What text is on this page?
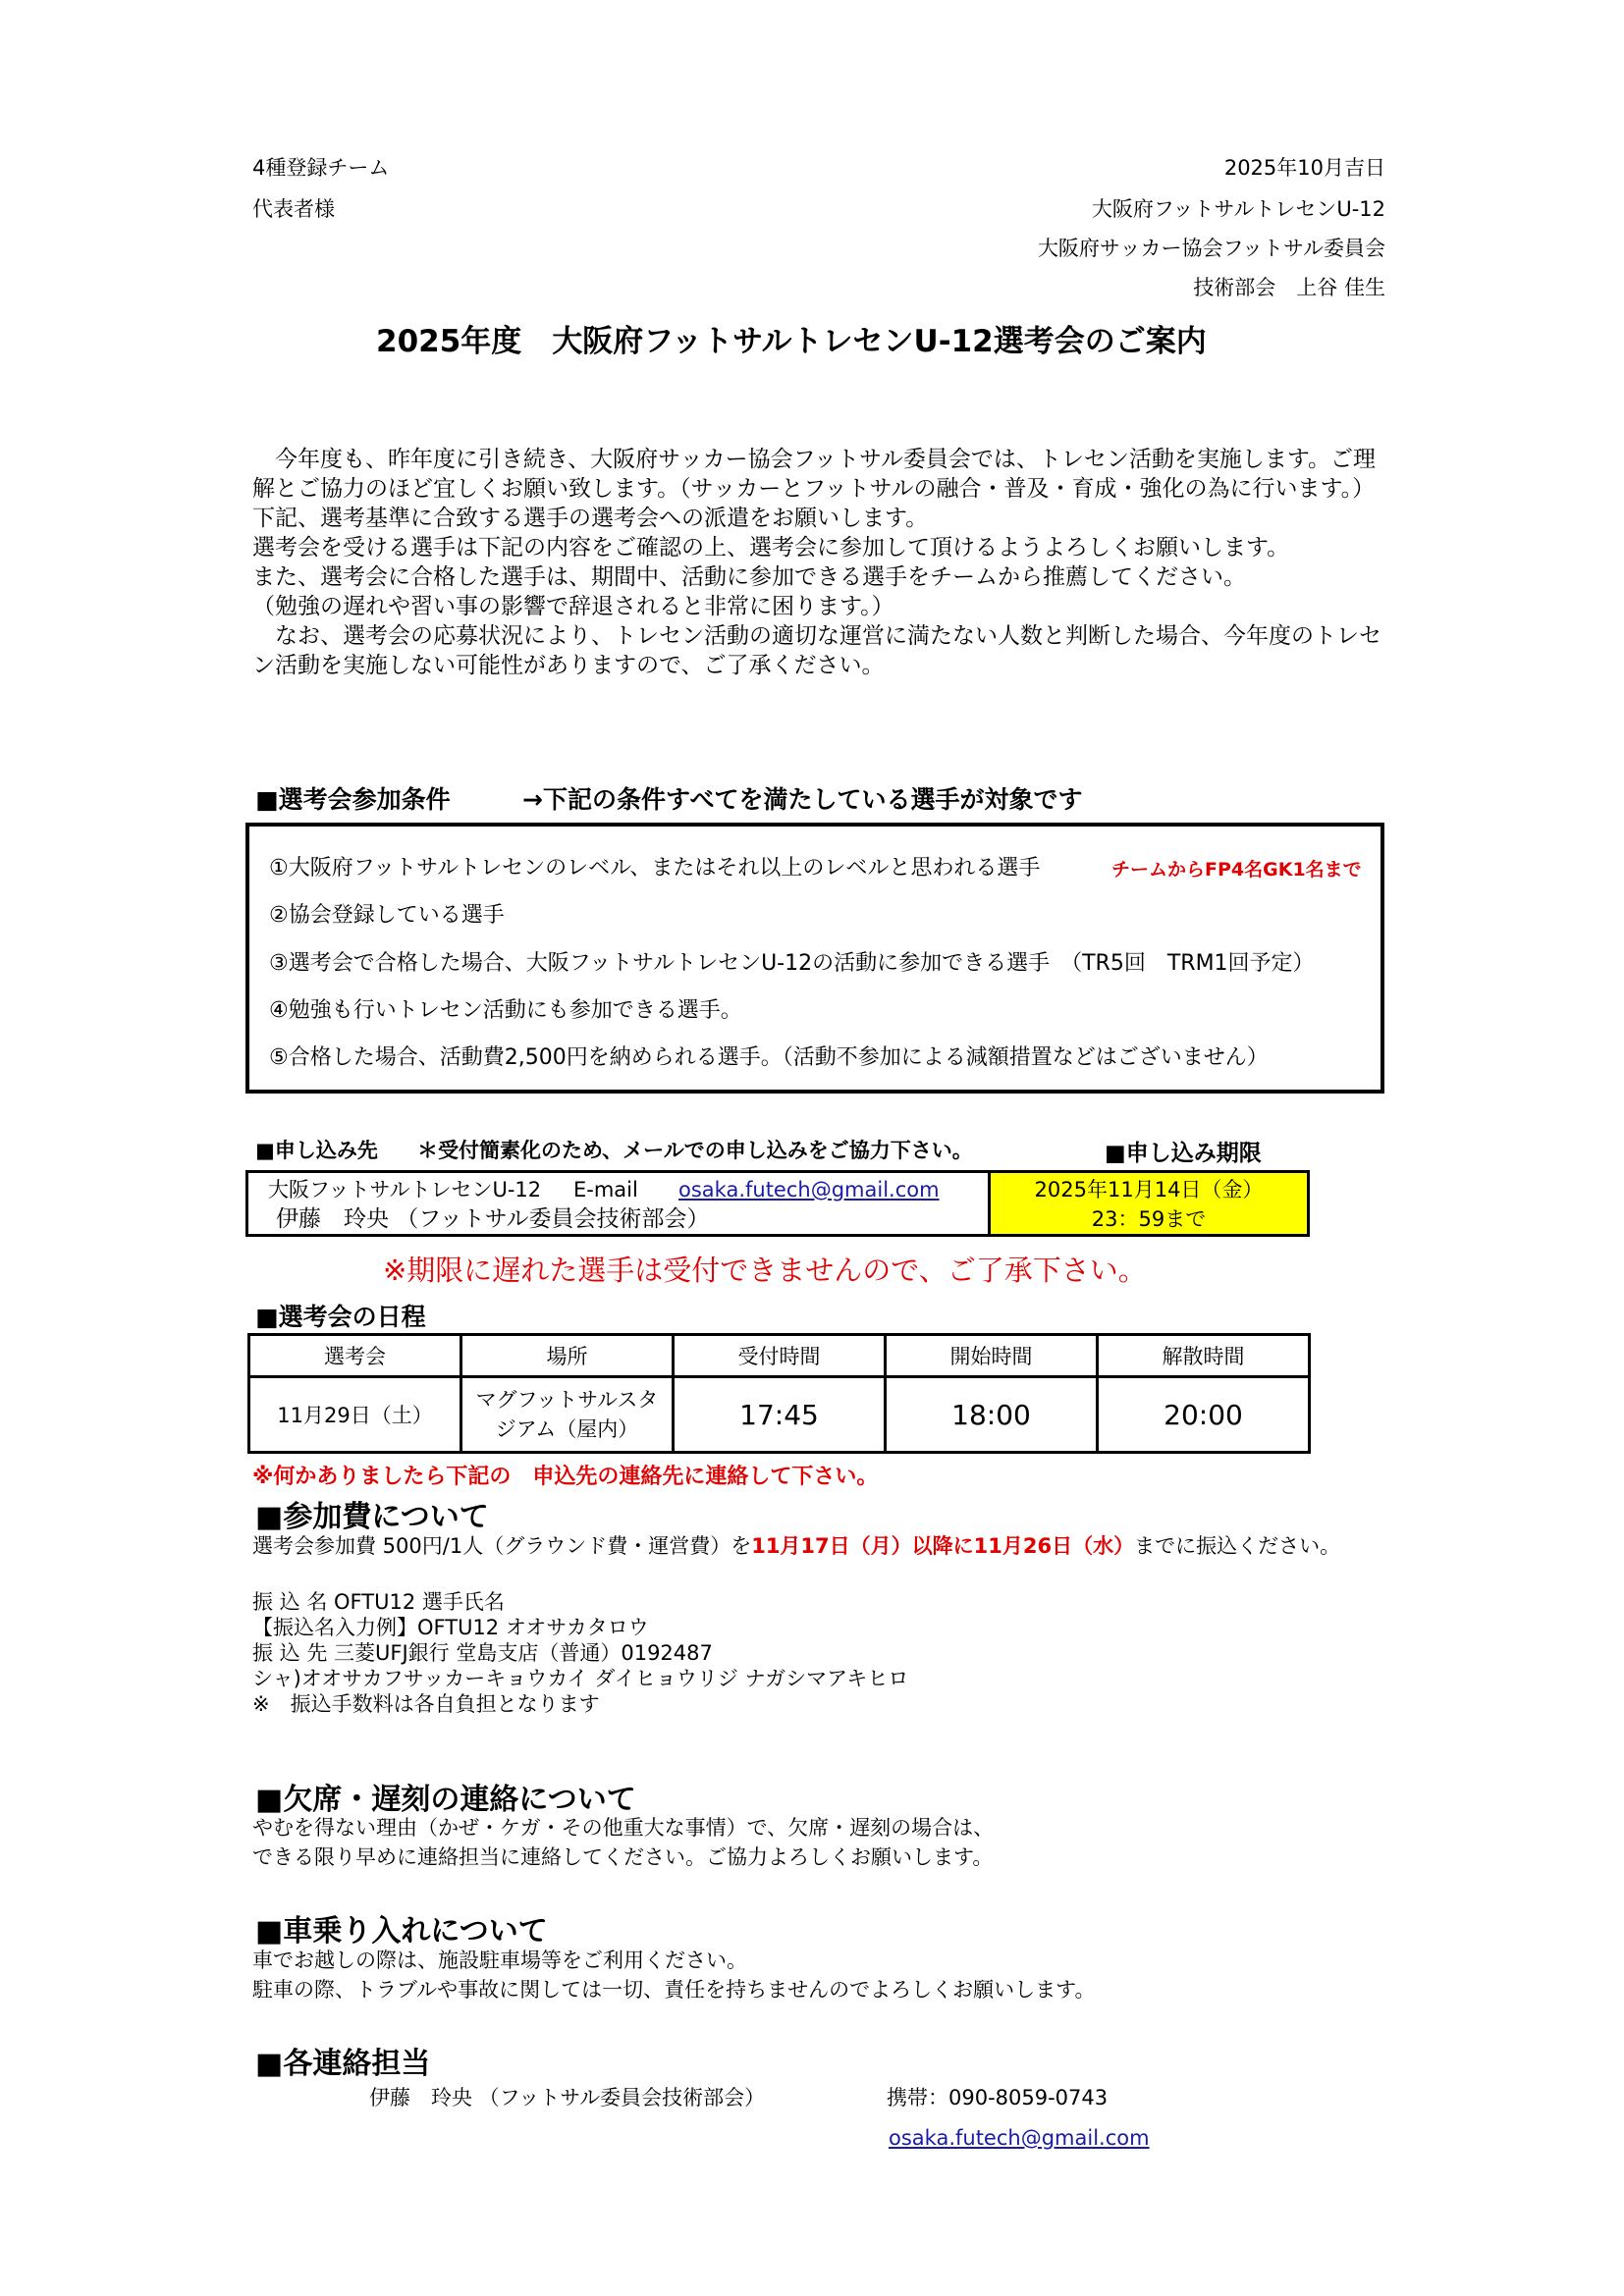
4種登録チーム
代表者様
2025年10月吉日
大阪府フットサルトレセンU-12
大阪府サッカー協会フットサル委員会
技術部会　上谷 佳生
2025年度　大阪府フットサルトレセンU-12選考会のご案内

　今年度も、昨年度に引き続き、大阪府サッカー協会フットサル委員会では、トレセン活動を実施します。ご理解とご協力のほど宜しくお願い致します。（サッカーとフットサルの融合・普及・育成・強化の為に行います。）下記、選考基準に合致する選手の選考会への派遣をお願いします。

選考会を受ける選手は下記の内容をご確認の上、選考会に参加して頂けるようよろしくお願いします。

また、選考会に合格した選手は、期間中、活動に参加できる選手をチームから推薦してください。

（勉強の遅れや習い事の影響で辞退されると非常に困ります。）

　なお、選考会の応募状況により、トレセン活動の適切な運営に満たない人数と判断した場合、今年度のトレセン活動を実施しない可能性がありますので、ご了承ください。

■選考会参加条件	→下記の条件すべてを満たしている選手が対象です
①大阪府フットサルトレセンのレベル、またはそれ以上のレベルと思われる選手	チームからFP4名GK1名まで
②協会登録している選手
③選考会で合格した場合、大阪フットサルトレセンU-12の活動に参加できる選手　（TR5回　TRM1回予定）
④勉強も行いトレセン活動にも参加できる選手。
⑤合格した場合、活動費2,500円を納められる選手。（活動不参加による減額措置などはございません）
■申し込み先 ＊受付簡素化のため、メールでの申し込みをご協力下さい。	■申し込み期限
大阪フットサルトレセンU-12 E-mail osaka.futech@gmail.com
伊藤　玲央 （フットサル委員会技術部会）
2025年11月14日（金）
23：59まで
※期限に遅れた選手は受付できませんので、ご了承下さい。
■選考会の日程
選考会	場所	受付時間	開始時間	解散時間
11月29日（土）	マグフットサルスタジアム（屋内）	17:45	18:00	20:00
※何かありましたら下記の　申込先の連絡先に連絡して下さい。
■参加費について
選考会参加費 500円/1人（グラウンド費・運営費）を11月17日（月）以降に11月26日（水）までに振込ください。
振 込 名 OFTU12 選手氏名
【振込名入力例】OFTU12 オオサカタロウ
振 込 先 三菱UFJ銀行 堂島支店（普通）0192487
シャ)オオサカフサッカーキョウカイ ダイヒョウリジ ナガシマアキヒロ
※　振込手数料は各自負担となります
■欠席・遅刻の連絡について
やむを得ない理由（かぜ・ケガ・その他重大な事情）で、欠席・遅刻の場合は、
できる限り早めに連絡担当に連絡してください。ご協力よろしくお願いします。
■車乗り入れについて
車でお越しの際は、施設駐車場等をご利用ください。
駐車の際、トラブルや事故に関しては一切、責任を持ちませんのでよろしくお願いします。
■各連絡担当
伊藤　玲央 （フットサル委員会技術部会）	携帯：090-8059-0743
osaka.futech@gmail.com
